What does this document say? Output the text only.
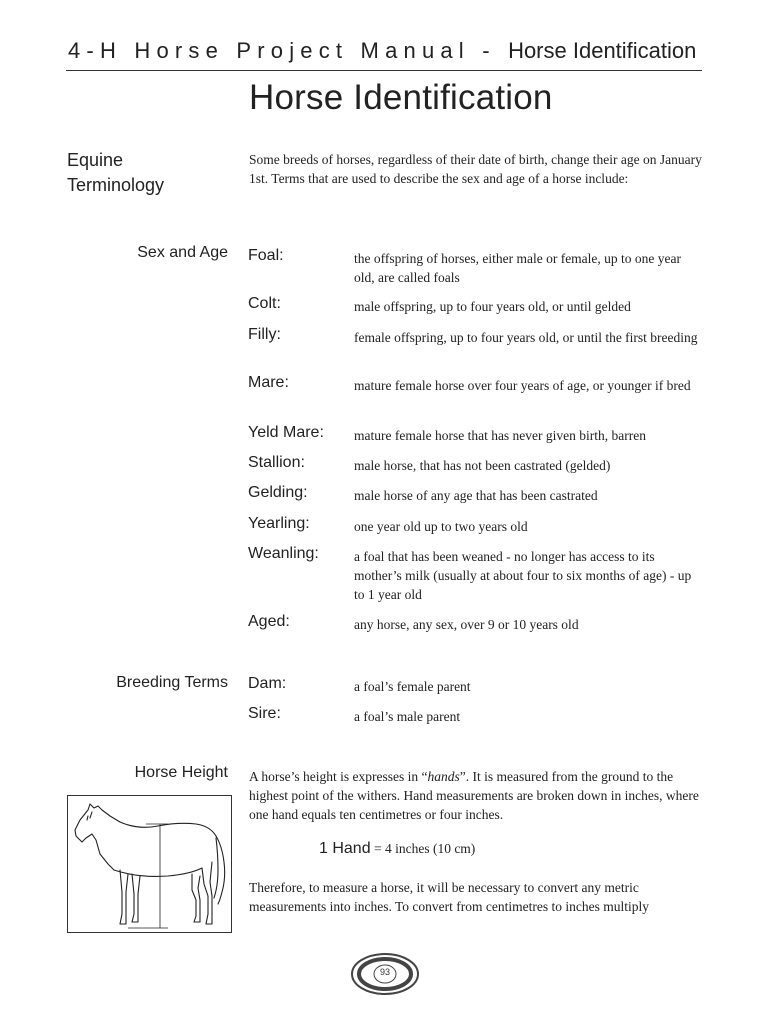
4-H Horse Project Manual - Horse Identification
Horse Identification
Equine
Terminology
Some breeds of horses, regardless of their date of birth, change their age on January 1st. Terms that are used to describe the sex and age of a horse include:
Sex and Age Foal:	the offspring of horses, either male or female, up to one year old, are called foals
Colt:	male offspring, up to four years old, or until gelded
Filly:	female offspring, up to four years old, or until the first breeding
Mare:	mature female horse over four years of age, or younger if bred
Yeld Mare: mature female horse that has never given birth, barren
Stallion:	male horse, that has not been castrated (gelded)
Gelding:	male horse of any age that has been castrated
Yearling:	one year old up to two years old
Weanling:	a foal that has been weaned - no longer has access to its mother’s milk (usually at about four to six months of age) - up to 1 year old
Aged:	any horse, any sex, over 9 or 10 years old
Breeding Terms Dam:	a foal’s female parent
Sire:	a foal’s male parent
Horse Height A horse’s height is expresses in “hands”. It is measured from the ground to the highest point of the withers. Hand measurements are broken down in inches, where one hand equals ten centimetres or four inches.
1 Hand = 4 inches (10 cm)
Therefore, to measure a horse, it will be necessary to convert any metric measurements into inches. To convert from centimetres to inches multiply
93
